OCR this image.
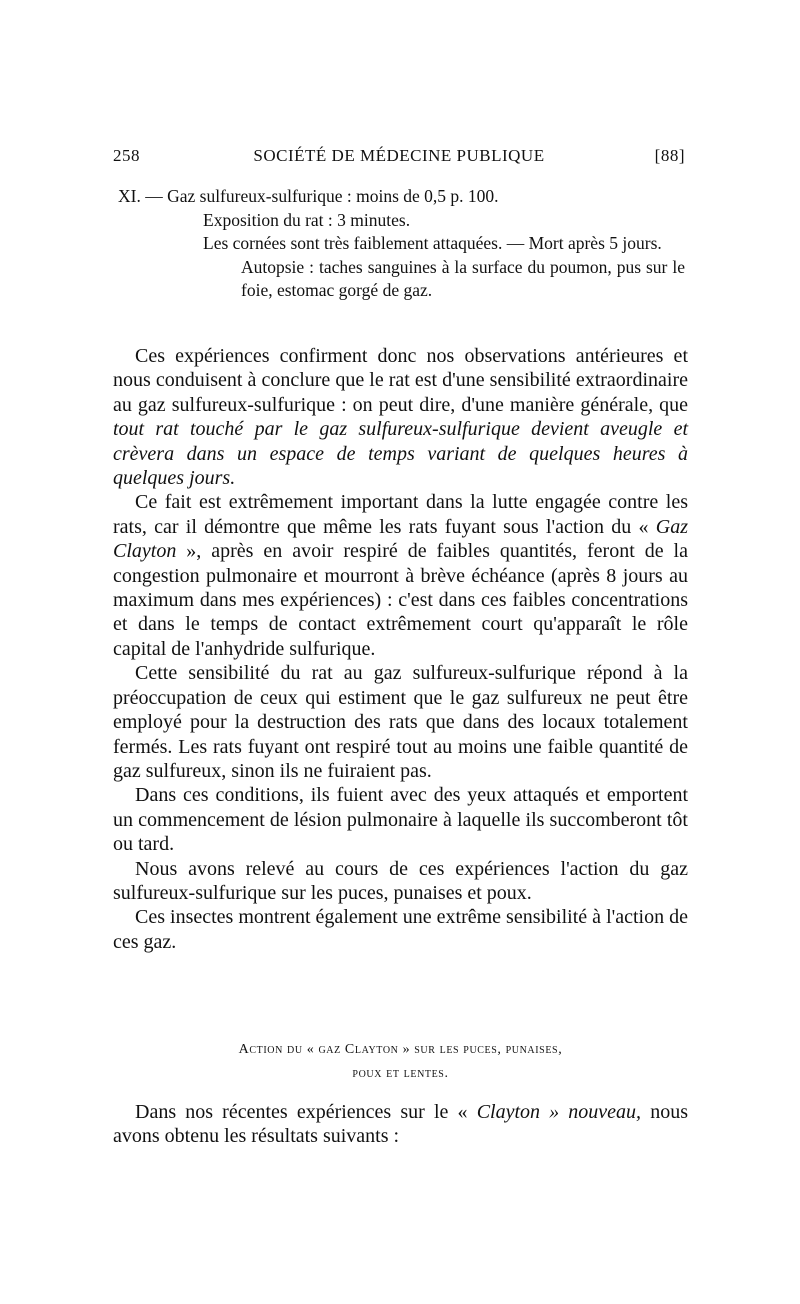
258	SOCIÉTÉ DE MÉDECINE PUBLIQUE	[88]

XI. — Gaz sulfureux-sulfurique : moins de 0,5 p. 100.

Exposition du rat : 3 minutes.

Les cornées sont très faiblement attaquées. — Mort après 5 jours.

Autopsie : taches sanguines à la surface du poumon, pus sur le foie, estomac gorgé de gaz.

Ces expériences confirment donc nos observations antérieures et nous conduisent à conclure que le rat est d'une sensibilité extraordinaire au gaz sulfureux-sulfurique : on peut dire, d'une manière générale, que tout rat touché par le gaz sulfureux-sulfurique devient aveugle et crèvera dans un espace de temps variant de quelques heures à quelques jours.

Ce fait est extrêmement important dans la lutte engagée contre les rats, car il démontre que même les rats fuyant sous l'action du « Gaz Clayton », après en avoir respiré de faibles quantités, feront de la congestion pulmonaire et mourront à brève échéance (après 8 jours au maximum dans mes expériences) : c'est dans ces faibles concentrations et dans le temps de contact extrêmement court qu'apparaît le rôle capital de l'anhydride sulfurique.

Cette sensibilité du rat au gaz sulfureux-sulfurique répond à la préoccupation de ceux qui estiment que le gaz sulfureux ne peut être employé pour la destruction des rats que dans des locaux totalement fermés. Les rats fuyant ont respiré tout au moins une faible quantité de gaz sulfureux, sinon ils ne fuiraient pas.

Dans ces conditions, ils fuient avec des yeux attaqués et emportent un commencement de lésion pulmonaire à laquelle ils succomberont tôt ou tard.

Nous avons relevé au cours de ces expériences l'action du gaz sulfureux-sulfurique sur les puces, punaises et poux.

Ces insectes montrent également une extrême sensibilité à l'action de ces gaz.

Action du « gaz Clayton » sur les puces, punaises,
poux et lentes.

Dans nos récentes expériences sur le « Clayton » nouveau, nous avons obtenu les résultats suivants :
